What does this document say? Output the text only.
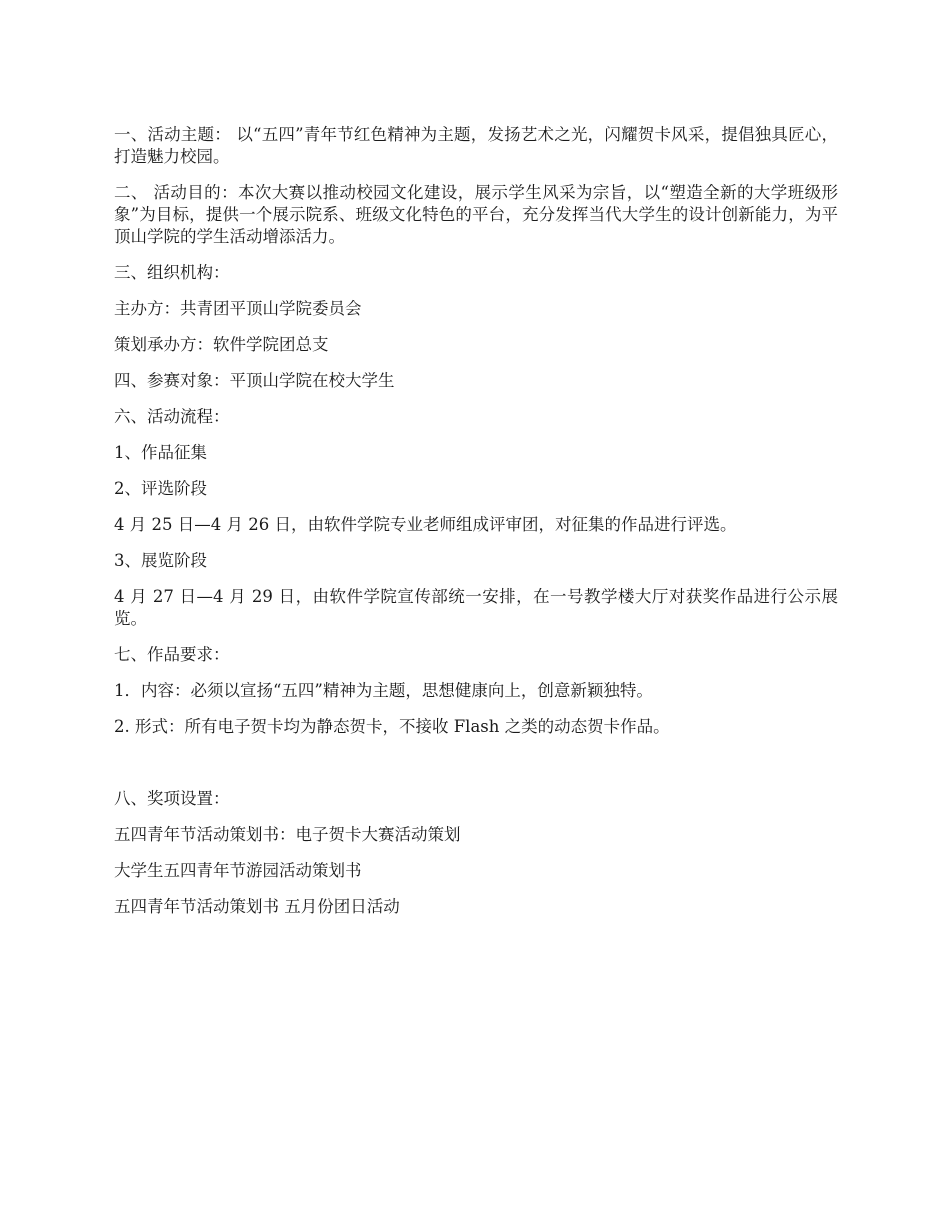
一、活动主题： 以“五四”青年节红色精神为主题，发扬艺术之光，闪耀贺卡风采，提倡独具匠心，打造魅力校园。

二、 活动目的：本次大赛以推动校园文化建设，展示学生风采为宗旨，以“塑造全新的大学班级形象”为目标，提供一个展示院系、班级文化特色的平台，充分发挥当代大学生的设计创新能力，为平顶山学院的学生活动增添活力。

三、组织机构：

主办方：共青团平顶山学院委员会

策划承办方：软件学院团总支

四、参赛对象：平顶山学院在校大学生

六、活动流程：

1、作品征集

2、评选阶段

4 月 25 日—4 月 26 日，由软件学院专业老师组成评审团，对征集的作品进行评选。

3、展览阶段

4 月 27 日—4 月 29 日，由软件学院宣传部统一安排，在一号教学楼大厅对获奖作品进行公示展览。

七、作品要求：

1．内容：必须以宣扬“五四”精神为主题，思想健康向上，创意新颖独特。

2. 形式：所有电子贺卡均为静态贺卡，不接收 Flash 之类的动态贺卡作品。

八、奖项设置：

五四青年节活动策划书：电子贺卡大赛活动策划

大学生五四青年节游园活动策划书

五四青年节活动策划书 五月份团日活动
